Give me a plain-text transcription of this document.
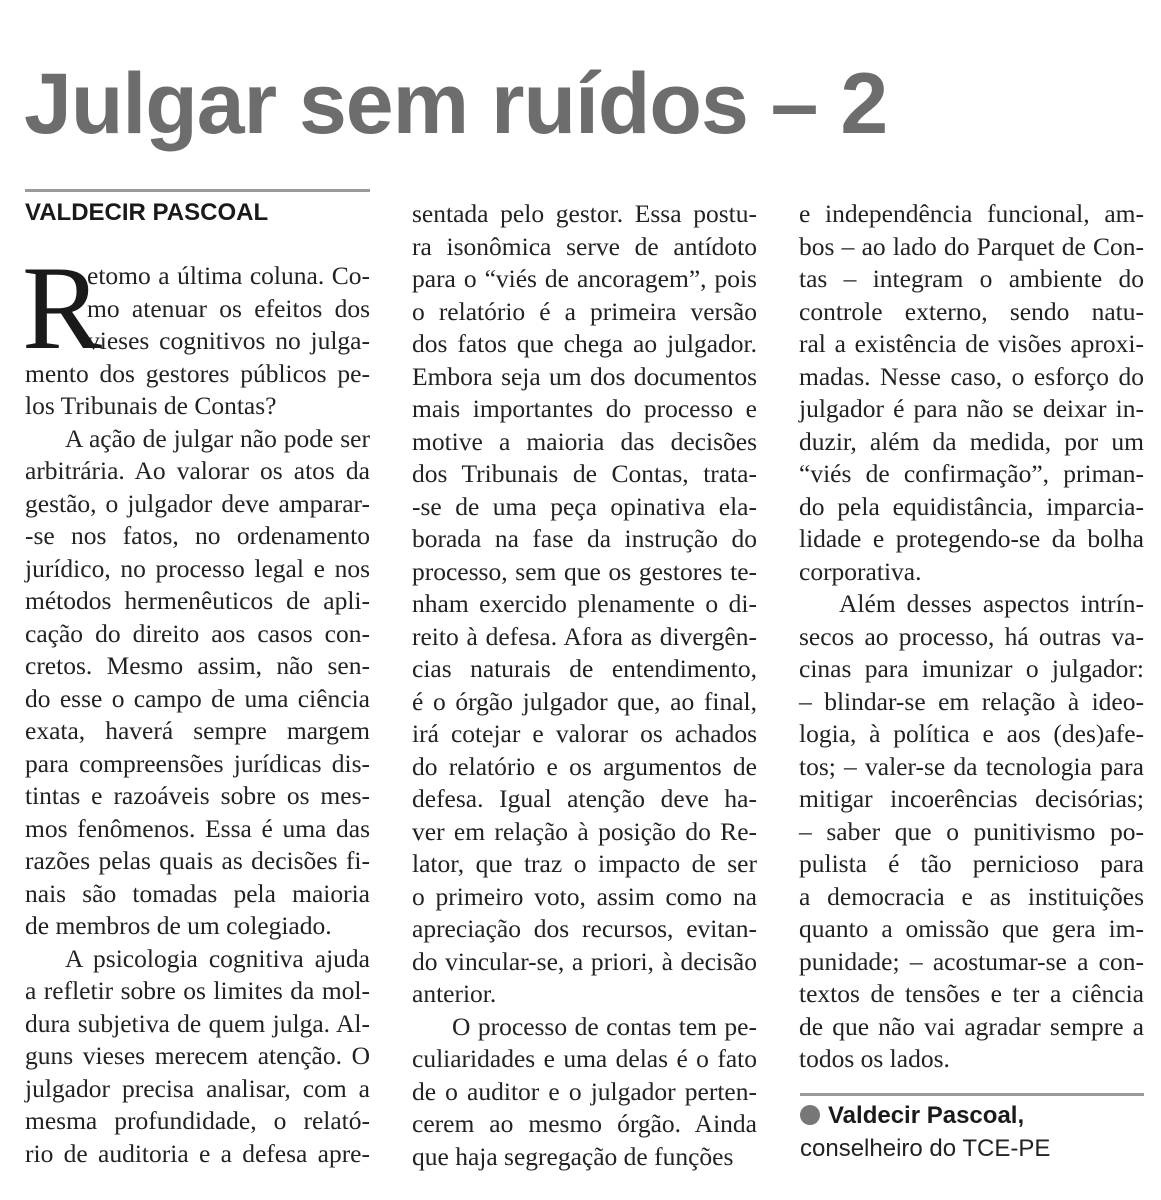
Julgar sem ruídos – 2
VALDECIR PASCOAL
R
etomo a última coluna. Co-
mo atenuar os efeitos dos
vieses cognitivos no julga-
mento dos gestores públicos pe-
los Tribunais de Contas?
A ação de julgar não pode ser
arbitrária. Ao valorar os atos da
gestão, o julgador deve amparar-
-se nos fatos, no ordenamento
jurídico, no processo legal e nos
métodos hermenêuticos de apli-
cação do direito aos casos con-
cretos. Mesmo assim, não sen-
do esse o campo de uma ciência
exata, haverá sempre margem
para compreensões jurídicas dis-
tintas e razoáveis sobre os mes-
mos fenômenos. Essa é uma das
razões pelas quais as decisões fi-
nais são tomadas pela maioria
de membros de um colegiado.
A psicologia cognitiva ajuda
a refletir sobre os limites da mol-
dura subjetiva de quem julga. Al-
guns vieses merecem atenção. O
julgador precisa analisar, com a
mesma profundidade, o relató-
rio de auditoria e a defesa apre-
sentada pelo gestor. Essa postu-
ra isonômica serve de antídoto
para o “viés de ancoragem”, pois
o relatório é a primeira versão
dos fatos que chega ao julgador.
Embora seja um dos documentos
mais importantes do processo e
motive a maioria das decisões
dos Tribunais de Contas, trata-
-se de uma peça opinativa ela-
borada na fase da instrução do
processo, sem que os gestores te-
nham exercido plenamente o di-
reito à defesa. Afora as divergên-
cias naturais de entendimento,
é o órgão julgador que, ao final,
irá cotejar e valorar os achados
do relatório e os argumentos de
defesa. Igual atenção deve ha-
ver em relação à posição do Re-
lator, que traz o impacto de ser
o primeiro voto, assim como na
apreciação dos recursos, evitan-
do vincular-se, a priori, à decisão
anterior.
O processo de contas tem pe-
culiaridades e uma delas é o fato
de o auditor e o julgador perten-
cerem ao mesmo órgão. Ainda
que haja segregação de funções
e independência funcional, am-
bos – ao lado do Parquet de Con-
tas – integram o ambiente do
controle externo, sendo natu-
ral a existência de visões aproxi-
madas. Nesse caso, o esforço do
julgador é para não se deixar in-
duzir, além da medida, por um
“viés de confirmação”, priman-
do pela equidistância, imparcia-
lidade e protegendo-se da bolha
corporativa.
Além desses aspectos intrín-
secos ao processo, há outras va-
cinas para imunizar o julgador:
– blindar-se em relação à ideo-
logia, à política e aos (des)afe-
tos; – valer-se da tecnologia para
mitigar incoerências decisórias;
– saber que o punitivismo po-
pulista é tão pernicioso para
a democracia e as instituições
quanto a omissão que gera im-
punidade; – acostumar-se a con-
textos de tensões e ter a ciência
de que não vai agradar sempre a
todos os lados.
Valdecir Pascoal,
conselheiro do TCE-PE
